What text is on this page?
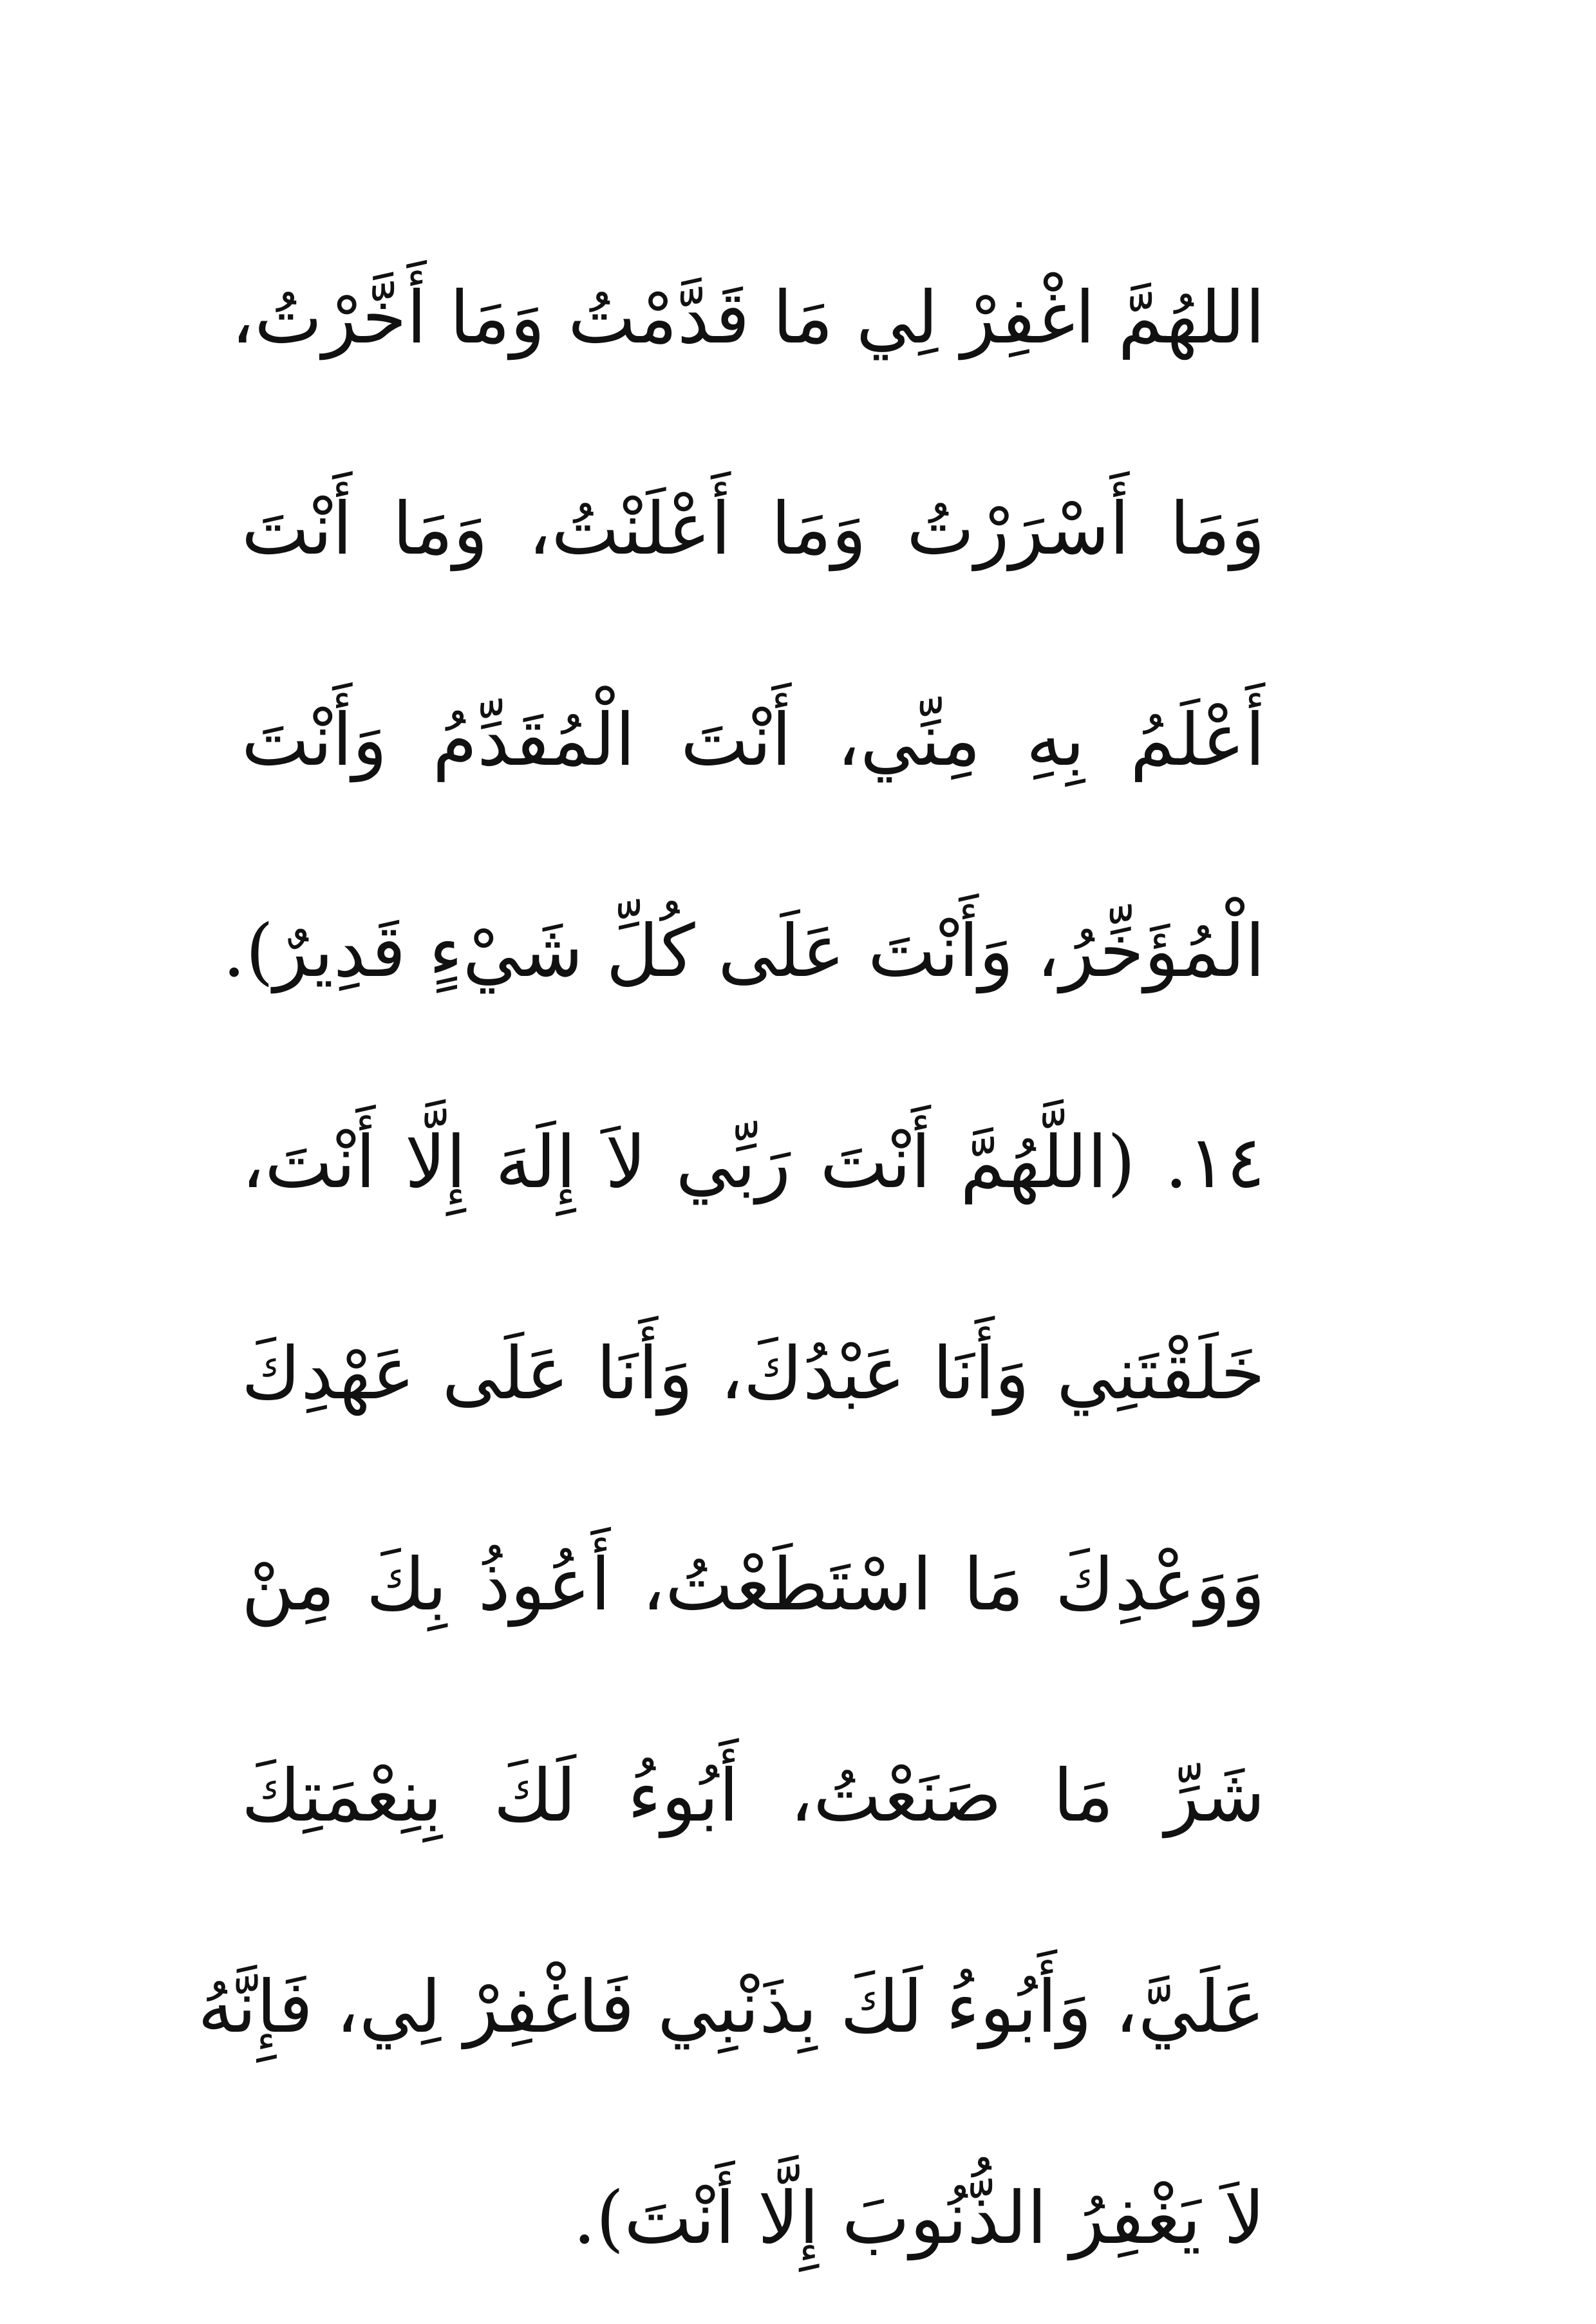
اللهُمَّ اغْفِرْ لِي مَا قَدَّمْتُ وَمَا أَخَّرْتُ،
وَمَا أَسْرَرْتُ وَمَا أَعْلَنْتُ، وَمَا أَنْتَ
أَعْلَمُ بِهِ مِنِّي، أَنْتَ الْمُقَدِّمُ وَأَنْتَ
الْمُؤَخِّرُ، وَأَنْتَ عَلَى كُلِّ شَيْءٍ قَدِيرٌ).
١٤. (اللَّهُمَّ أَنْتَ رَبِّي لاَ إِلَهَ إِلَّا أَنْتَ،
خَلَقْتَنِي وَأَنَا عَبْدُكَ، وَأَنَا عَلَى عَهْدِكَ
وَوَعْدِكَ مَا اسْتَطَعْتُ، أَعُوذُ بِكَ مِنْ
شَرِّ مَا صَنَعْتُ، أَبُوءُ لَكَ بِنِعْمَتِكَ
عَلَيَّ، وَأَبُوءُ لَكَ بِذَنْبِي فَاغْفِرْ لِي، فَإِنَّهُ
لاَ يَغْفِرُ الذُّنُوبَ إِلَّا أَنْتَ).
